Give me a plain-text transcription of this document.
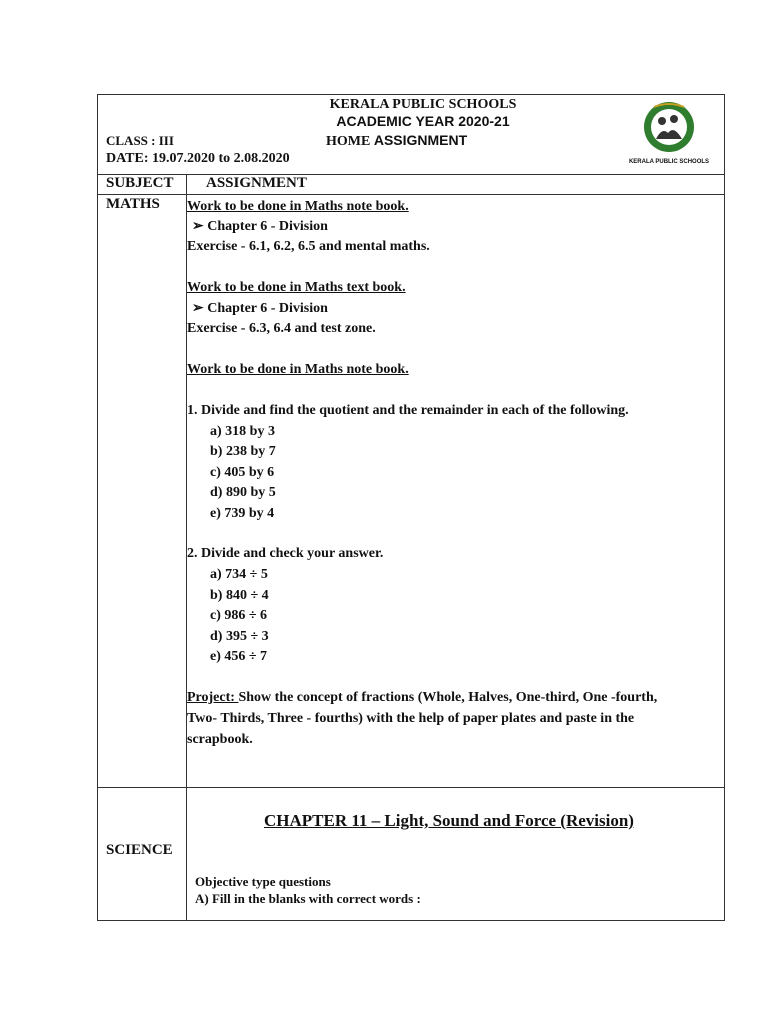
KERALA PUBLIC SCHOOLS
ACADEMIC YEAR 2020-21
HOME ASSIGNMENT
CLASS : III
DATE: 19.07.2020 to 2.08.2020	KERALA PUBLIC SCHOOLS
SUBJECT ASSIGNMENT
MATHS Work to be done in Maths note book.
➢ Chapter 6 - Division
Exercise - 6.1, 6.2, 6.5 and mental maths.
Work to be done in Maths text book.
➢ Chapter 6 - Division
Exercise - 6.3, 6.4 and test zone.
Work to be done in Maths note book.
1. Divide and find the quotient and the remainder in each of the following.
a) 318 by 3
b) 238 by 7
c) 405 by 6
d) 890 by 5
e) 739 by 4
2. Divide and check your answer.
a) 734 ÷ 5
b) 840 ÷ 4
c) 986 ÷ 6
d) 395 ÷ 3
e) 456 ÷ 7
Project: Show the concept of fractions (Whole, Halves, One-third, One -fourth,
Two- Thirds, Three - fourths) with the help of paper plates and paste in the
scrapbook.
CHAPTER 11 – Light, Sound and Force (Revision)
SCIENCE
Objective type questions
A) Fill in the blanks with correct words :
